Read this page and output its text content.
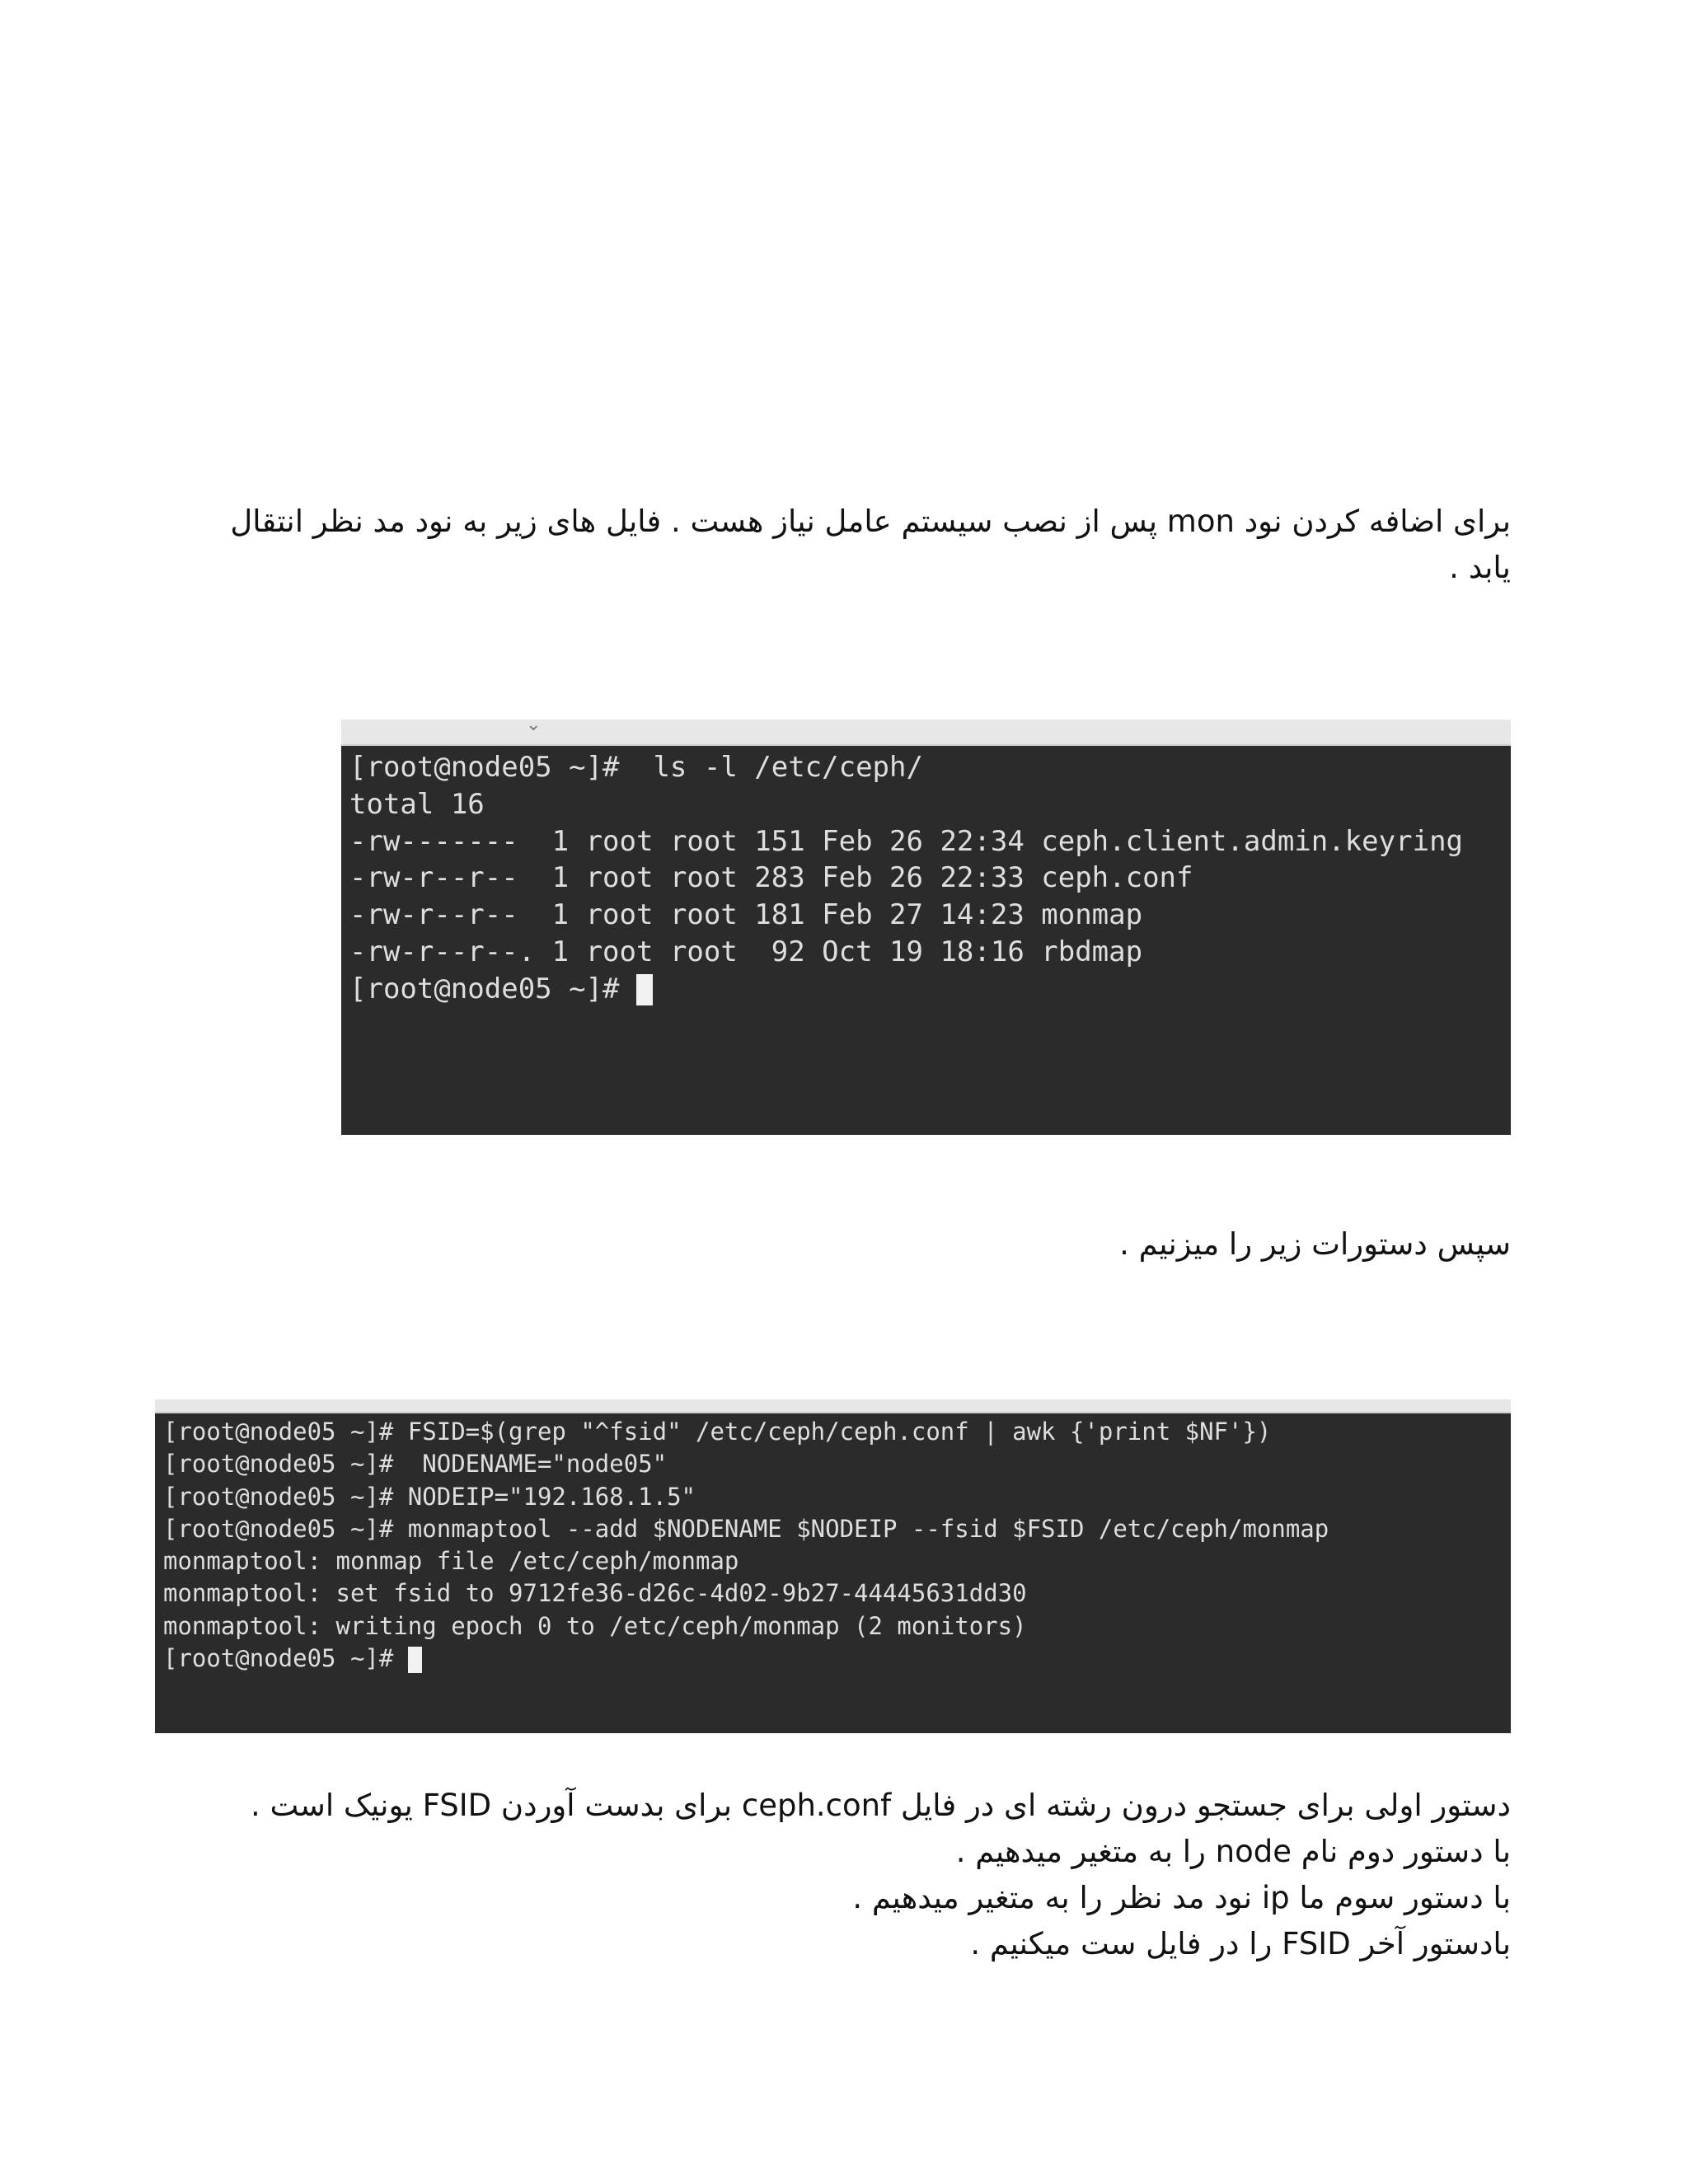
برای اضافه کردن نود mon پس از نصب سیستم عامل نیاز هست . فایل های زیر به نود مد نظر انتقال
یابد .
⌄
[root@node05 ~]#  ls -l /etc/ceph/
total 16
-rw-------  1 root root 151 Feb 26 22:34 ceph.client.admin.keyring
-rw-r--r--  1 root root 283 Feb 26 22:33 ceph.conf
-rw-r--r--  1 root root 181 Feb 27 14:23 monmap
-rw-r--r--. 1 root root  92 Oct 19 18:16 rbdmap
[root@node05 ~]#
سپس دستورات زیر را میزنیم .
[root@node05 ~]# FSID=$(grep "^fsid" /etc/ceph/ceph.conf | awk {'print $NF'})
[root@node05 ~]#  NODENAME="node05"
[root@node05 ~]# NODEIP="192.168.1.5"
[root@node05 ~]# monmaptool --add $NODENAME $NODEIP --fsid $FSID /etc/ceph/monmap
monmaptool: monmap file /etc/ceph/monmap
monmaptool: set fsid to 9712fe36-d26c-4d02-9b27-44445631dd30
monmaptool: writing epoch 0 to /etc/ceph/monmap (2 monitors)
[root@node05 ~]#
دستور اولی برای جستجو درون رشته ای در فایل ceph.conf برای بدست آوردن FSID یونیک است .
با دستور دوم نام node را به متغیر میدهیم .
با دستور سوم ما ip نود مد نظر را به متغیر میدهیم .
بادستور آخر FSID را در فایل ست میکنیم .
